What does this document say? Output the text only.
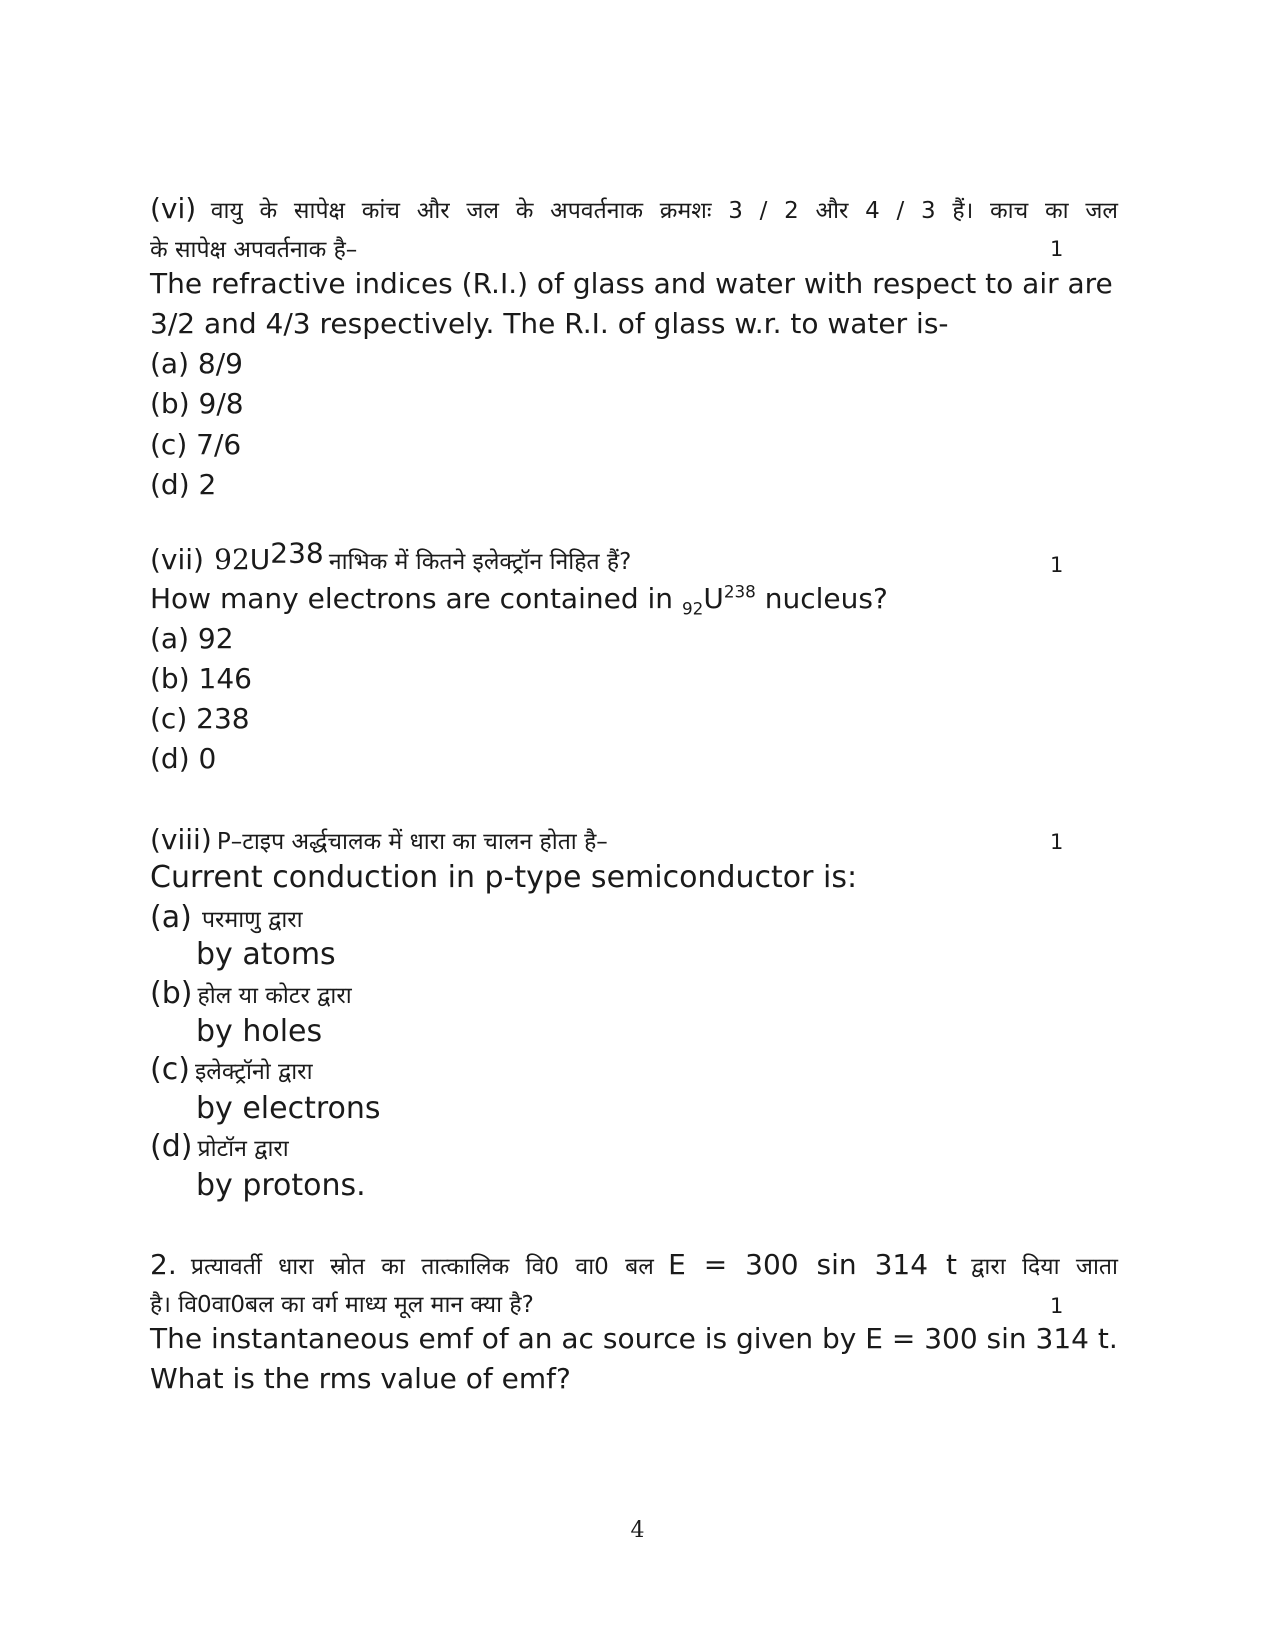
(vi) वायु के सापेक्ष कांच और जल के अपवर्तनाक क्रमशः 3 / 2 और 4 / 3 हैं। काच का जल
के सापेक्ष अपवर्तनाक है–	1
The refractive indices (R.I.) of glass and water with respect to air are
3/2 and 4/3 respectively. The R.I. of glass w.r. to water is-
(a) 8/9
(b) 9/8
(c) 7/6
(d) 2
(vii) $92U^{238}$ नाभिक में कितने इलेक्ट्रॉन निहित हैं?	1
How many electrons are contained in $_{92}U^{238}$ nucleus?
(a) 92
(b) 146
(c) 238
(d) 0
(viii) P–टाइप अर्द्धचालक में धारा का चालन होता है–	1
Current conduction in p-type semiconductor is:
(a) परमाणु द्वारा
by atoms
(b) होल या कोटर द्वारा
by holes
(c) इलेक्ट्रॉनो द्वारा
by electrons
(d) प्रोटॉन द्वारा
by protons.
2. प्रत्यावर्ती धारा स्रोत का तात्कालिक वि0 वा0 बल E = 300 sin 314 t द्वारा दिया जाता
है। वि0वा0बल का वर्ग माध्य मूल मान क्या है?	1
The instantaneous emf of an ac source is given by E = 300 sin 314 t.
What is the rms value of emf?
4
